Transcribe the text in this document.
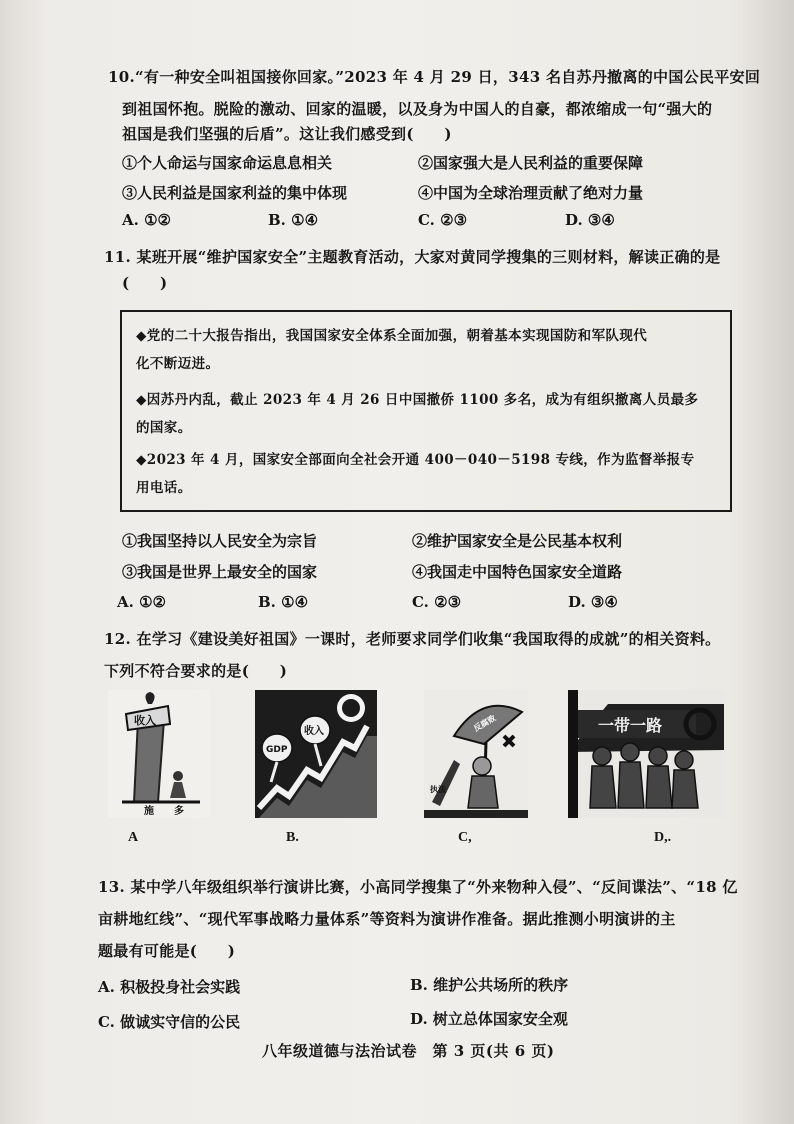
10.“有一种安全叫祖国接你回家。”2023 年 4 月 29 日，343 名自苏丹撤离的中国公民平安回
到祖国怀抱。脱险的激动、回家的温暖，以及身为中国人的自豪，都浓缩成一句“强大的
祖国是我们坚强的后盾”。这让我们感受到(　　)
①个人命运与国家命运息息相关	②国家强大是人民利益的重要保障
③人民利益是国家利益的集中体现	④中国为全球治理贡献了绝对力量
A. ①②	B. ①④	C. ②③	D. ③④
11. 某班开展“维护国家安全”主题教育活动，大家对黄同学搜集的三则材料，解读正确的是
(　　)
◆党的二十大报告指出，我国国家安全体系全面加强，朝着基本实现国防和军队现代
化不断迈进。
◆因苏丹内乱，截止 2023 年 4 月 26 日中国撤侨 1100 多名，成为有组织撤离人员最多
的国家。
◆2023 年 4 月，国家安全部面向全社会开通 400－040－5198 专线，作为监督举报专
用电话。
①我国坚持以人民安全为宗旨	②维护国家安全是公民基本权利
③我国是世界上最安全的国家	④我国走中国特色国家安全道路
A. ①②	B. ①④	C. ②③	D. ③④
12. 在学习《建设美好祖国》一课时，老师要求同学们收集“我国取得的成就”的相关资料。
下列不符合要求的是(　　)
收入
施 多
GDP
收入	反腐败
执法
一带一路
A	B.	C,	D,.
13. 某中学八年级组织举行演讲比赛，小高同学搜集了“外来物种入侵”、“反间谍法”、“18 亿
亩耕地红线”、“现代军事战略力量体系”等资料为演讲作准备。据此推测小明演讲的主
题最有可能是(　　)
A. 积极投身社会实践	B. 维护公共场所的秩序
C. 做诚实守信的公民	D. 树立总体国家安全观
八年级道德与法治试卷　第 3 页(共 6 页)
